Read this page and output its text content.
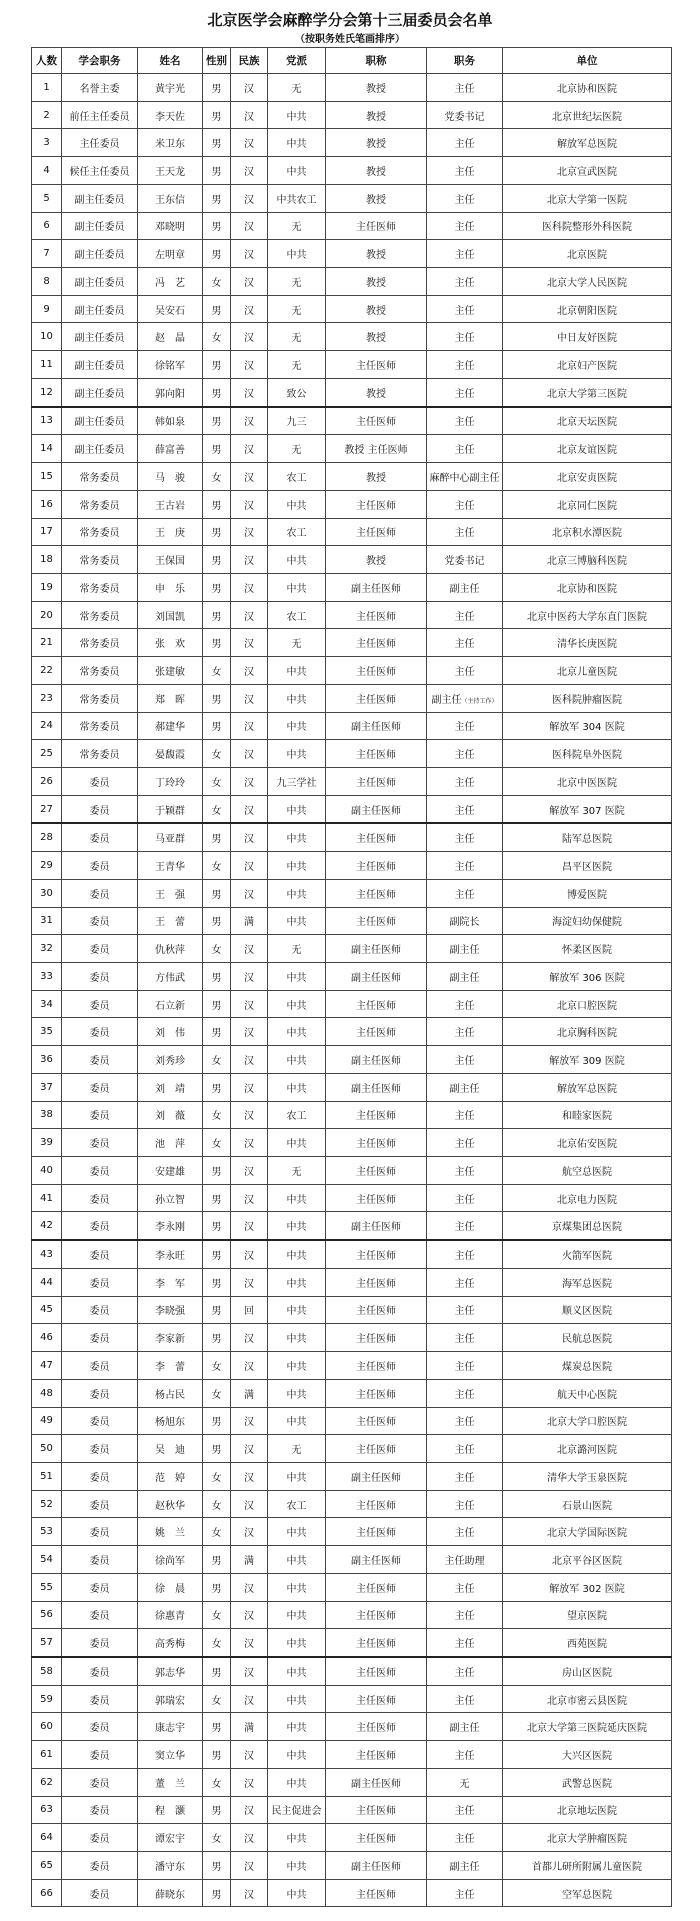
北京医学会麻醉学分会第十三届委员会名单
（按职务姓氏笔画排序）
人数	学会职务	姓名	性别	民族	党派	职称	职务	单位
1	名誉主委	黄宇光	男	汉	无	教授	主任	北京协和医院
2	前任主任委员	李天佐	男	汉	中共	教授	党委书记	北京世纪坛医院
3	主任委员	米卫东	男	汉	中共	教授	主任	解放军总医院
4	候任主任委员	王天龙	男	汉	中共	教授	主任	北京宣武医院
5	副主任委员	王东信	男	汉	中共农工	教授	主任	北京大学第一医院
6	副主任委员	邓晓明	男	汉	无	主任医师	主任	医科院整形外科医院
7	副主任委员	左明章	男	汉	中共	教授	主任	北京医院
8	副主任委员	冯　艺	女	汉	无	教授	主任	北京大学人民医院
9	副主任委员	吴安石	男	汉	无	教授	主任	北京朝阳医院
10	副主任委员	赵　晶	女	汉	无	教授	主任	中日友好医院
11	副主任委员	徐铭军	男	汉	无	主任医师	主任	北京妇产医院
12	副主任委员	郭向阳	男	汉	致公	教授	主任	北京大学第三医院
13	副主任委员	韩如泉	男	汉	九三	主任医师	主任	北京天坛医院
14	副主任委员	薛富善	男	汉	无	教授 主任医师	主任	北京友谊医院
15	常务委员	马　骏	女	汉	农工	教授	麻醉中心副主任	北京安贞医院
16	常务委员	王古岩	男	汉	中共	主任医师	主任	北京同仁医院
17	常务委员	王　庚	男	汉	农工	主任医师	主任	北京积水潭医院
18	常务委员	王保国	男	汉	中共	教授	党委书记	北京三博脑科医院
19	常务委员	申　乐	男	汉	中共	副主任医师	副主任	北京协和医院
20	常务委员	刘国凯	男	汉	农工	主任医师	主任	北京中医药大学东直门医院
21	常务委员	张　欢	男	汉	无	主任医师	主任	清华长庚医院
22	常务委员	张建敏	女	汉	中共	主任医师	主任	北京儿童医院
23	常务委员	郑　晖	男	汉	中共	主任医师	副主任（主持工作）	医科院肿瘤医院
24	常务委员	郝建华	男	汉	中共	副主任医师	主任	解放军 304 医院
25	常务委员	晏馥霞	女	汉	中共	主任医师	主任	医科院阜外医院
26	委员	丁玲玲	女	汉	九三学社	主任医师	主任	北京中医医院
27	委员	于颖群	女	汉	中共	副主任医师	主任	解放军 307 医院
28	委员	马亚群	男	汉	中共	主任医师	主任	陆军总医院
29	委员	王青华	女	汉	中共	主任医师	主任	昌平区医院
30	委员	王　强	男	汉	中共	主任医师	主任	博爱医院
31	委员	王　蕾	男	满	中共	主任医师	副院长	海淀妇幼保健院
32	委员	仇秋萍	女	汉	无	副主任医师	副主任	怀柔区医院
33	委员	方伟武	男	汉	中共	副主任医师	副主任	解放军 306 医院
34	委员	石立新	男	汉	中共	主任医师	主任	北京口腔医院
35	委员	刘　伟	男	汉	中共	主任医师	主任	北京胸科医院
36	委员	刘秀珍	女	汉	中共	副主任医师	主任	解放军 309 医院
37	委员	刘　靖	男	汉	中共	副主任医师	副主任	解放军总医院
38	委员	刘　薇	女	汉	农工	主任医师	主任	和睦家医院
39	委员	池　萍	女	汉	中共	主任医师	主任	北京佑安医院
40	委员	安建雄	男	汉	无	主任医师	主任	航空总医院
41	委员	孙立智	男	汉	中共	主任医师	主任	北京电力医院
42	委员	李永刚	男	汉	中共	副主任医师	主任	京煤集团总医院
43	委员	李永旺	男	汉	中共	主任医师	主任	火箭军医院
44	委员	李　军	男	汉	中共	主任医师	主任	海军总医院
45	委员	李晓强	男	回	中共	主任医师	主任	顺义区医院
46	委员	李家新	男	汉	中共	主任医师	主任	民航总医院
47	委员	李　蕾	女	汉	中共	主任医师	主任	煤炭总医院
48	委员	杨占民	女	满	中共	主任医师	主任	航天中心医院
49	委员	杨旭东	男	汉	中共	主任医师	主任	北京大学口腔医院
50	委员	吴　迪	男	汉	无	主任医师	主任	北京潞河医院
51	委员	范　婷	女	汉	中共	副主任医师	主任	清华大学玉泉医院
52	委员	赵秋华	女	汉	农工	主任医师	主任	石景山医院
53	委员	姚　兰	女	汉	中共	主任医师	主任	北京大学国际医院
54	委员	徐尚军	男	满	中共	副主任医师	主任助理	北京平谷区医院
55	委员	徐　晨	男	汉	中共	主任医师	主任	解放军 302 医院
56	委员	徐惠青	女	汉	中共	主任医师	主任	望京医院
57	委员	高秀梅	女	汉	中共	主任医师	主任	西苑医院
58	委员	郭志华	男	汉	中共	主任医师	主任	房山区医院
59	委员	郭瑞宏	女	汉	中共	主任医师	主任	北京市密云县医院
60	委员	康志宇	男	满	中共	主任医师	副主任	北京大学第三医院延庆医院
61	委员	窦立华	男	汉	中共	主任医师	主任	大兴区医院
62	委员	董　兰	女	汉	中共	副主任医师	无	武警总医院
63	委员	程　灏	男	汉	民主促进会	主任医师	主任	北京地坛医院
64	委员	谭宏宇	女	汉	中共	主任医师	主任	北京大学肿瘤医院
65	委员	潘守东	男	汉	中共	副主任医师	副主任	首都儿研所附属儿童医院
66	委员	薛晓东	男	汉	中共	主任医师	主任	空军总医院
